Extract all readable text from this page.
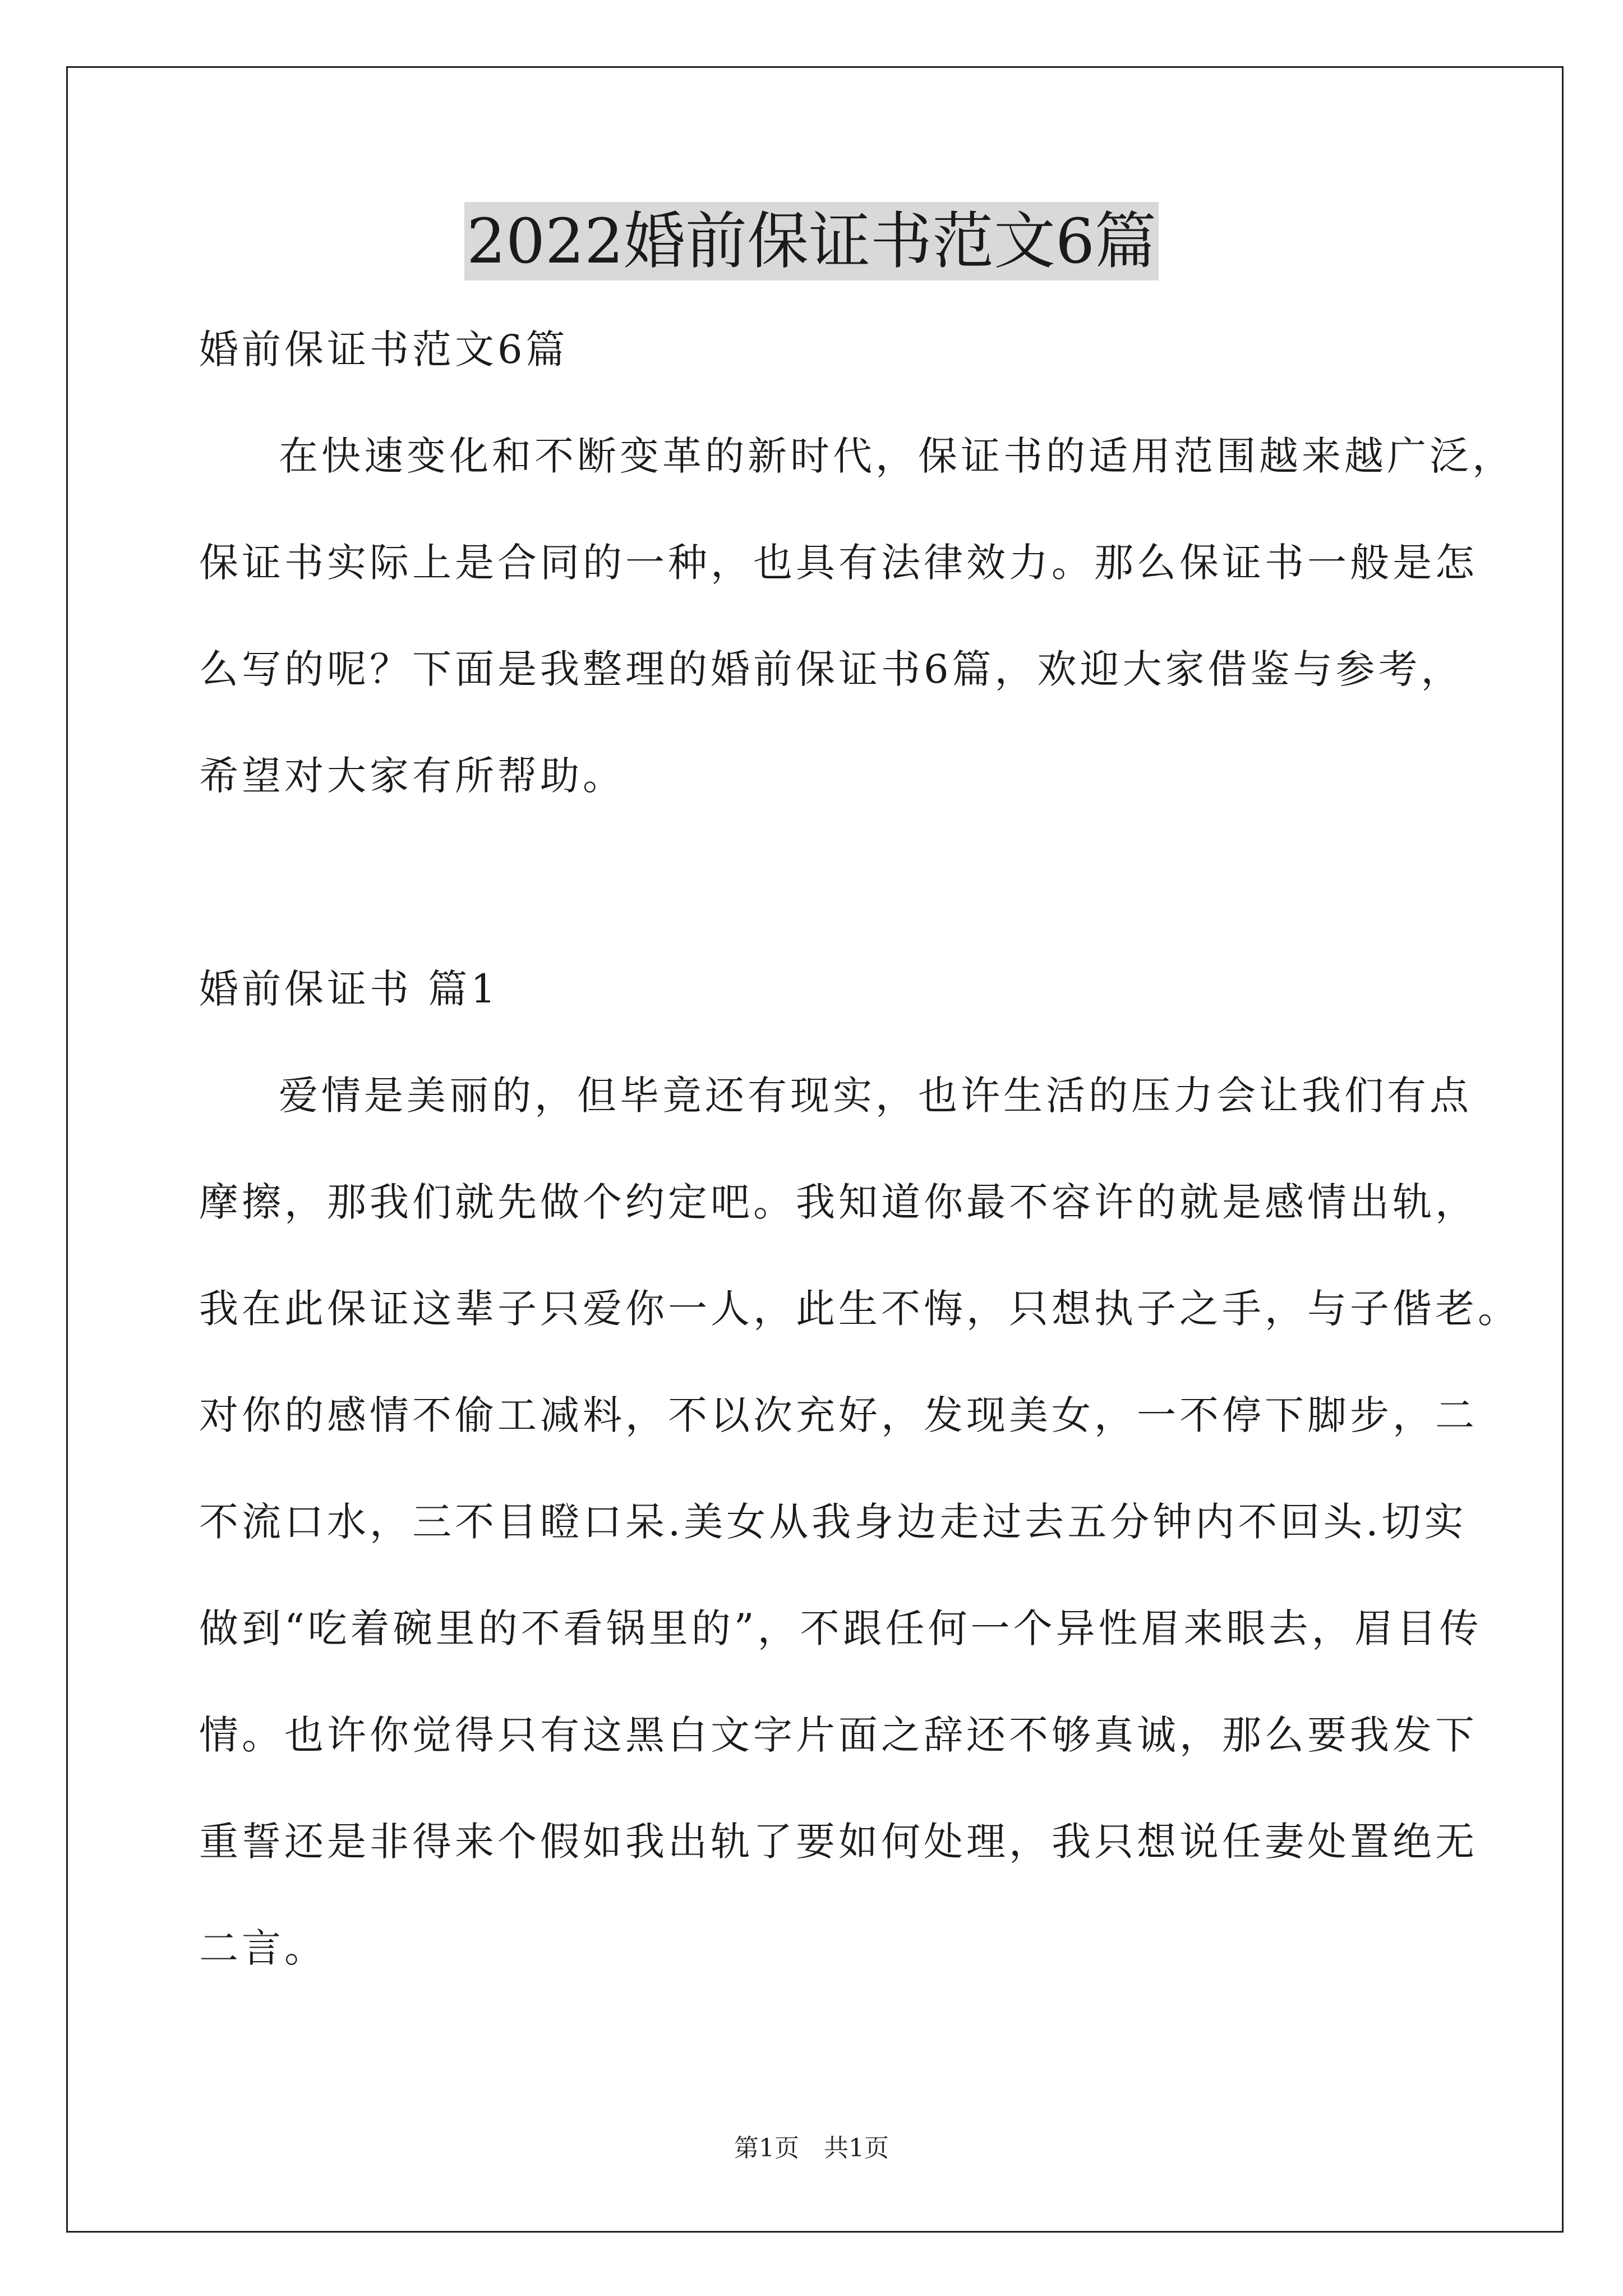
2022婚前保证书范文6篇
婚前保证书范文6篇
在快速变化和不断变革的新时代，保证书的适用范围越来越广泛，
保证书实际上是合同的一种，也具有法律效力。那么保证书一般是怎
么写的呢？下面是我整理的婚前保证书6篇，欢迎大家借鉴与参考，
希望对大家有所帮助。
婚前保证书 篇1
爱情是美丽的，但毕竟还有现实，也许生活的压力会让我们有点
摩擦，那我们就先做个约定吧。我知道你最不容许的就是感情出轨，
我在此保证这辈子只爱你一人，此生不悔，只想执子之手，与子偕老。
对你的感情不偷工减料，不以次充好，发现美女，一不停下脚步，二
不流口水，三不目瞪口呆.美女从我身边走过去五分钟内不回头.切实
做到“吃着碗里的不看锅里的”，不跟任何一个异性眉来眼去，眉目传
情。也许你觉得只有这黑白文字片面之辞还不够真诚，那么要我发下
重誓还是非得来个假如我出轨了要如何处理，我只想说任妻处置绝无
二言。
第1页　共1页
